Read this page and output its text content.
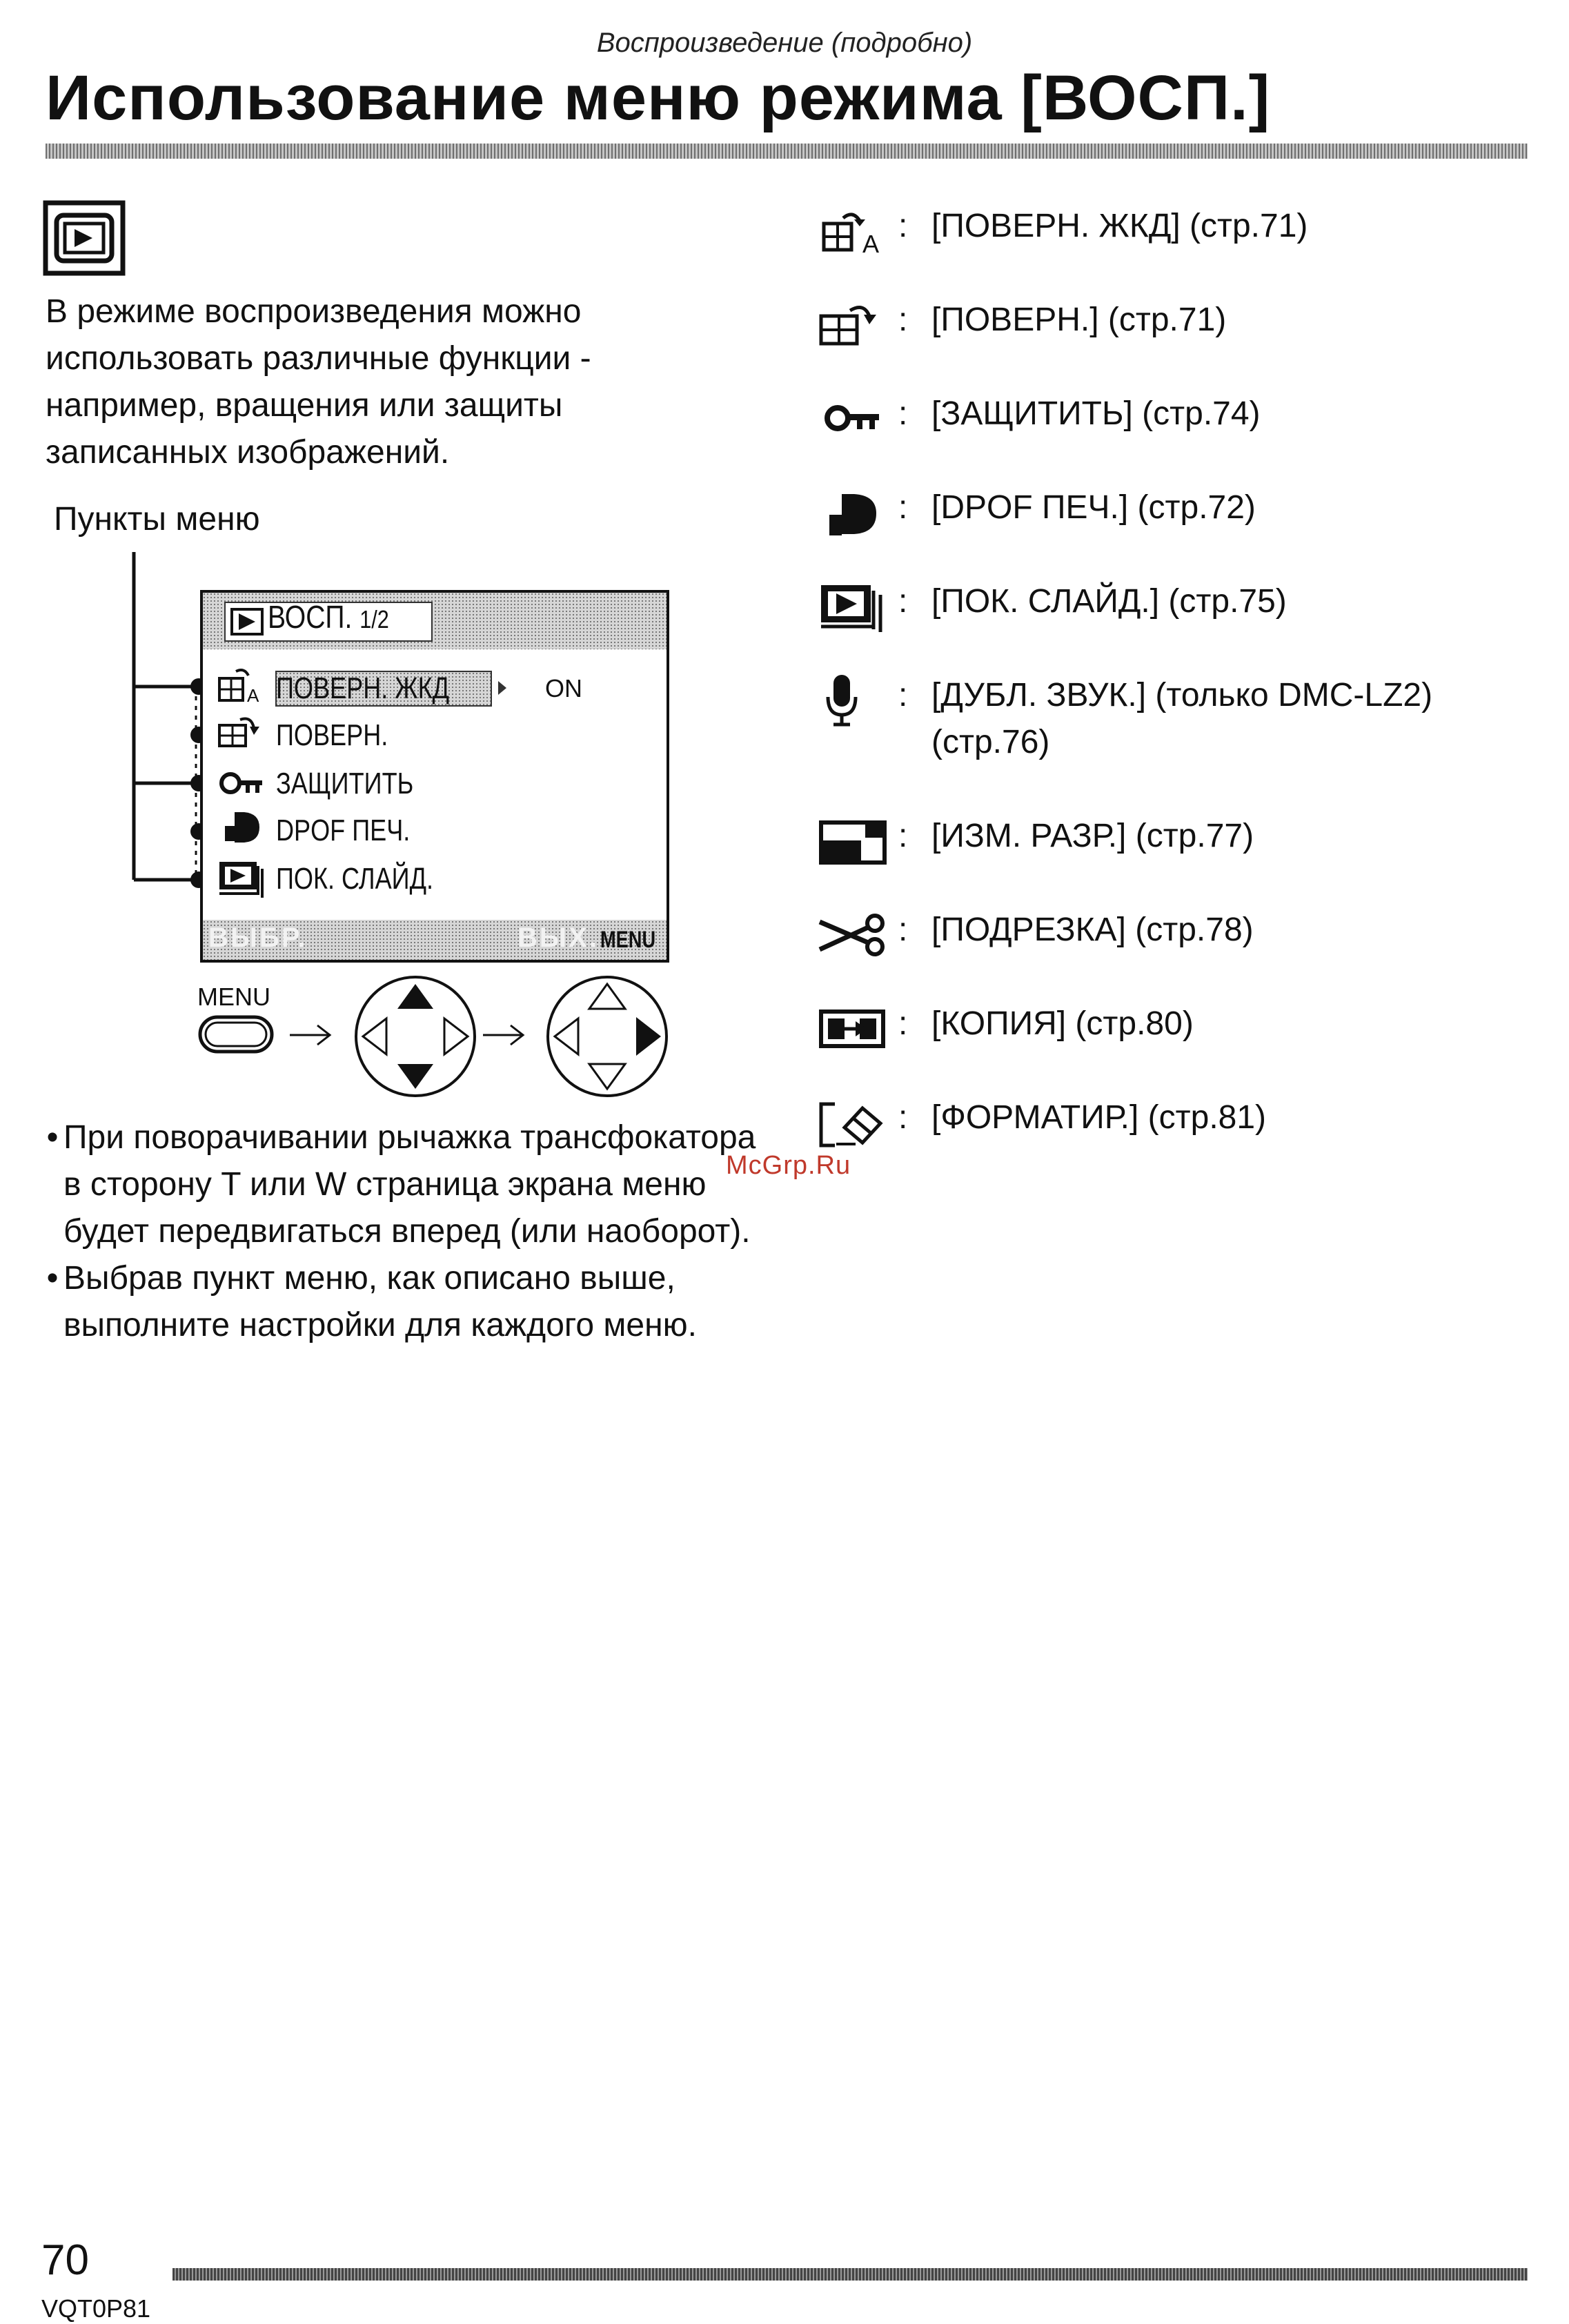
Воспроизведение (подробно)
Использование меню режима [ВОСП.]
В режиме воспроизведения можно использовать различные функции - например, вращения или защиты записанных изображений.
Пункты меню
A
ВОСП. 1/2
ПОВЕРН. ЖКД	ON
ПОВЕРН.
ЗАЩИТИТЬ
DPOF ПЕЧ.
ПОК. СЛАЙД.
ВЫБР.	ВЫХ. MENU
MENU
• При поворачивании рычажка трансфокатора в сторону T или W страница экрана меню будет передвигаться вперед (или наоборот).
• Выбрав пункт меню, как описано выше, выполните настройки для каждого меню.
A : [ПОВЕРН. ЖКД] (стр.71)
: [ПОВЕРН.] (стр.71)
: [ЗАЩИТИТЬ] (стр.74)
: [DPOF ПЕЧ.] (стр.72)
: [ПОК. СЛАЙД.] (стр.75)
: [ДУБЛ. ЗВУК.] (только DMC-LZ2) (стр.76)
: [ИЗМ. РАЗР.] (стр.77)
: [ПОДРЕЗКА] (стр.78)
: [КОПИЯ] (стр.80)
: [ФОРМАТИР.] (стр.81)
McGrp.Ru
70
VQT0P81
